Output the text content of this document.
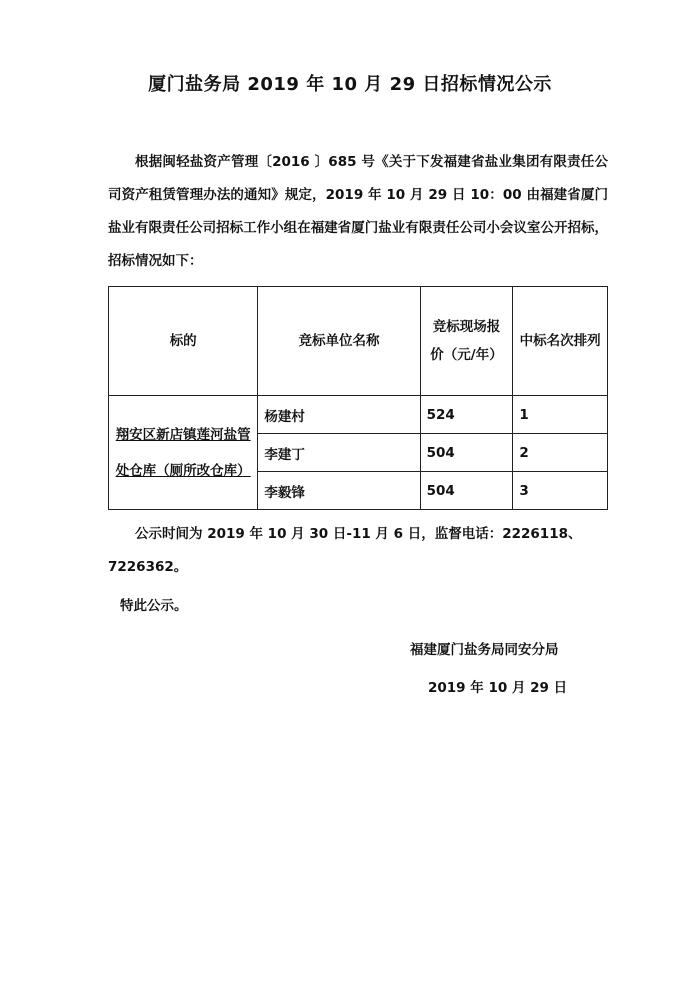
厦门盐务局 2019 年 10 月 29 日招标情况公示
根据闽轻盐资产管理〔2016 〕685 号《关于下发福建省盐业集团有限责任公司资产租赁管理办法的通知》规定，2019 年 10 月 29 日 10：00 由福建省厦门盐业有限责任公司招标工作小组在福建省厦门盐业有限责任公司小会议室公开招标，招标情况如下：
标的	竞标单位名称	竞标现场报价（元/年）	中标名次排列
翔安区新店镇莲河盐管处仓库（厕所改仓库）	杨建村	524	1
	李建丁	504	2
	李毅锋	504	3
公示时间为 2019 年 10 月 30 日-11 月 6 日，监督电话：2226118、7226362。
特此公示。
福建厦门盐务局同安分局
2019 年 10 月 29 日
